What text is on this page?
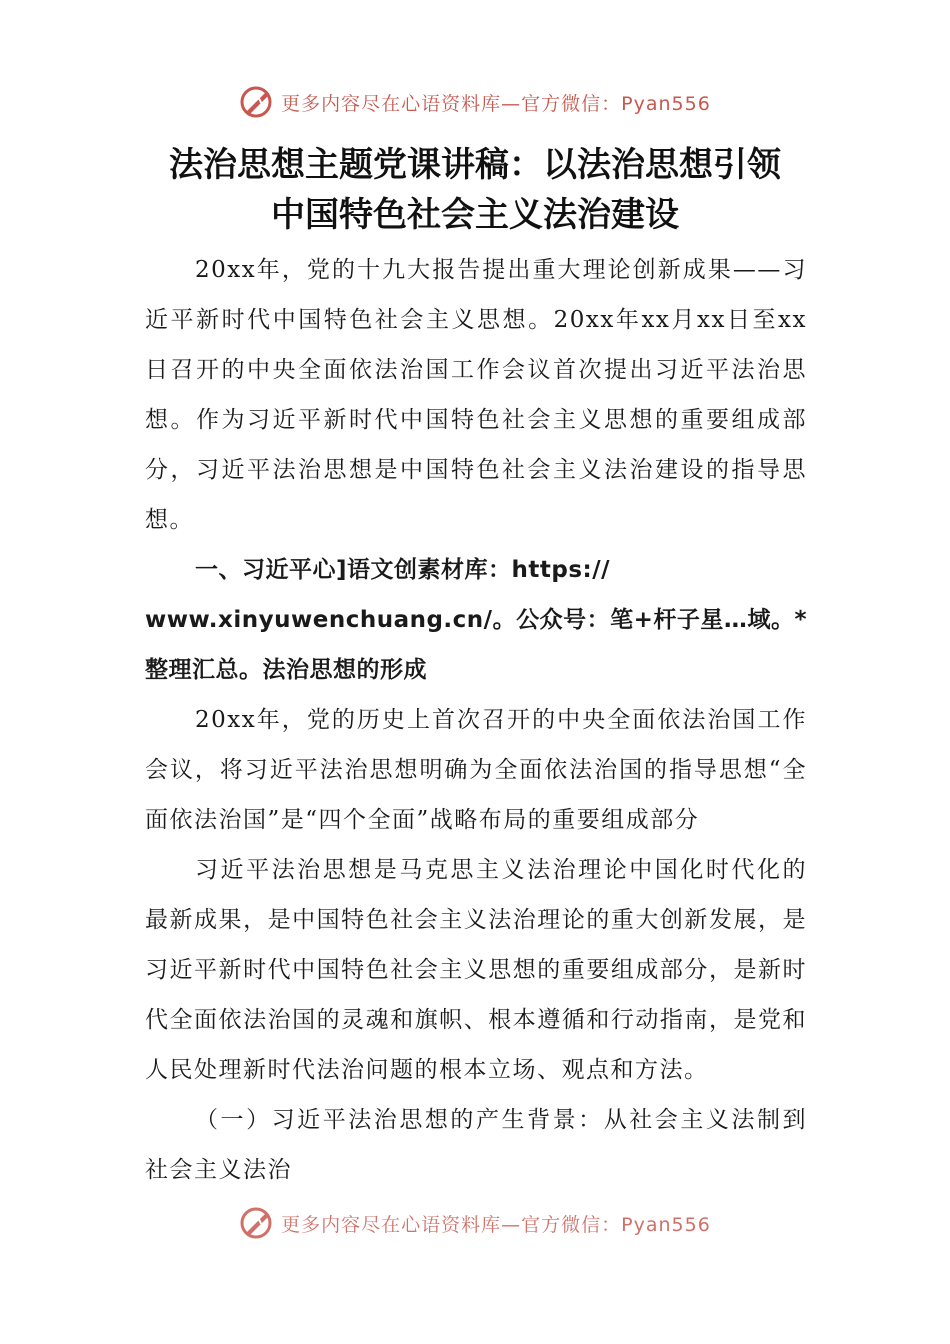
更多内容尽在心语资料库—官方微信：Pyan556
法治思想主题党课讲稿：以法治思想引领
中国特色社会主义法治建设

20xx年，党的十九大报告提出重大理论创新成果——习近平新时代中国特色社会主义思想。20xx年xx月xx日至xx日召开的中央全面依法治国工作会议首次提出习近平法治思想。作为习近平新时代中国特色社会主义思想的重要组成部分，习近平法治思想是中国特色社会主义法治建设的指导思想。

一、习近平心]语文创素材库：https://

www.xinyuwenchuang.cn/。公众号：笔+杆子星…域。*整理汇总。法治思想的形成

20xx年，党的历史上首次召开的中央全面依法治国工作会议，将习近平法治思想明确为全面依法治国的指导思想“全面依法治国”是“四个全面”战略布局的重要组成部分

习近平法治思想是马克思主义法治理论中国化时代化的最新成果，是中国特色社会主义法治理论的重大创新发展，是习近平新时代中国特色社会主义思想的重要组成部分，是新时代全面依法治国的灵魂和旗帜、根本遵循和行动指南，是党和人民处理新时代法治问题的根本立场、观点和方法。

（一）习近平法治思想的产生背景：从社会主义法制到社会主义法治

更多内容尽在心语资料库—官方微信：Pyan556
